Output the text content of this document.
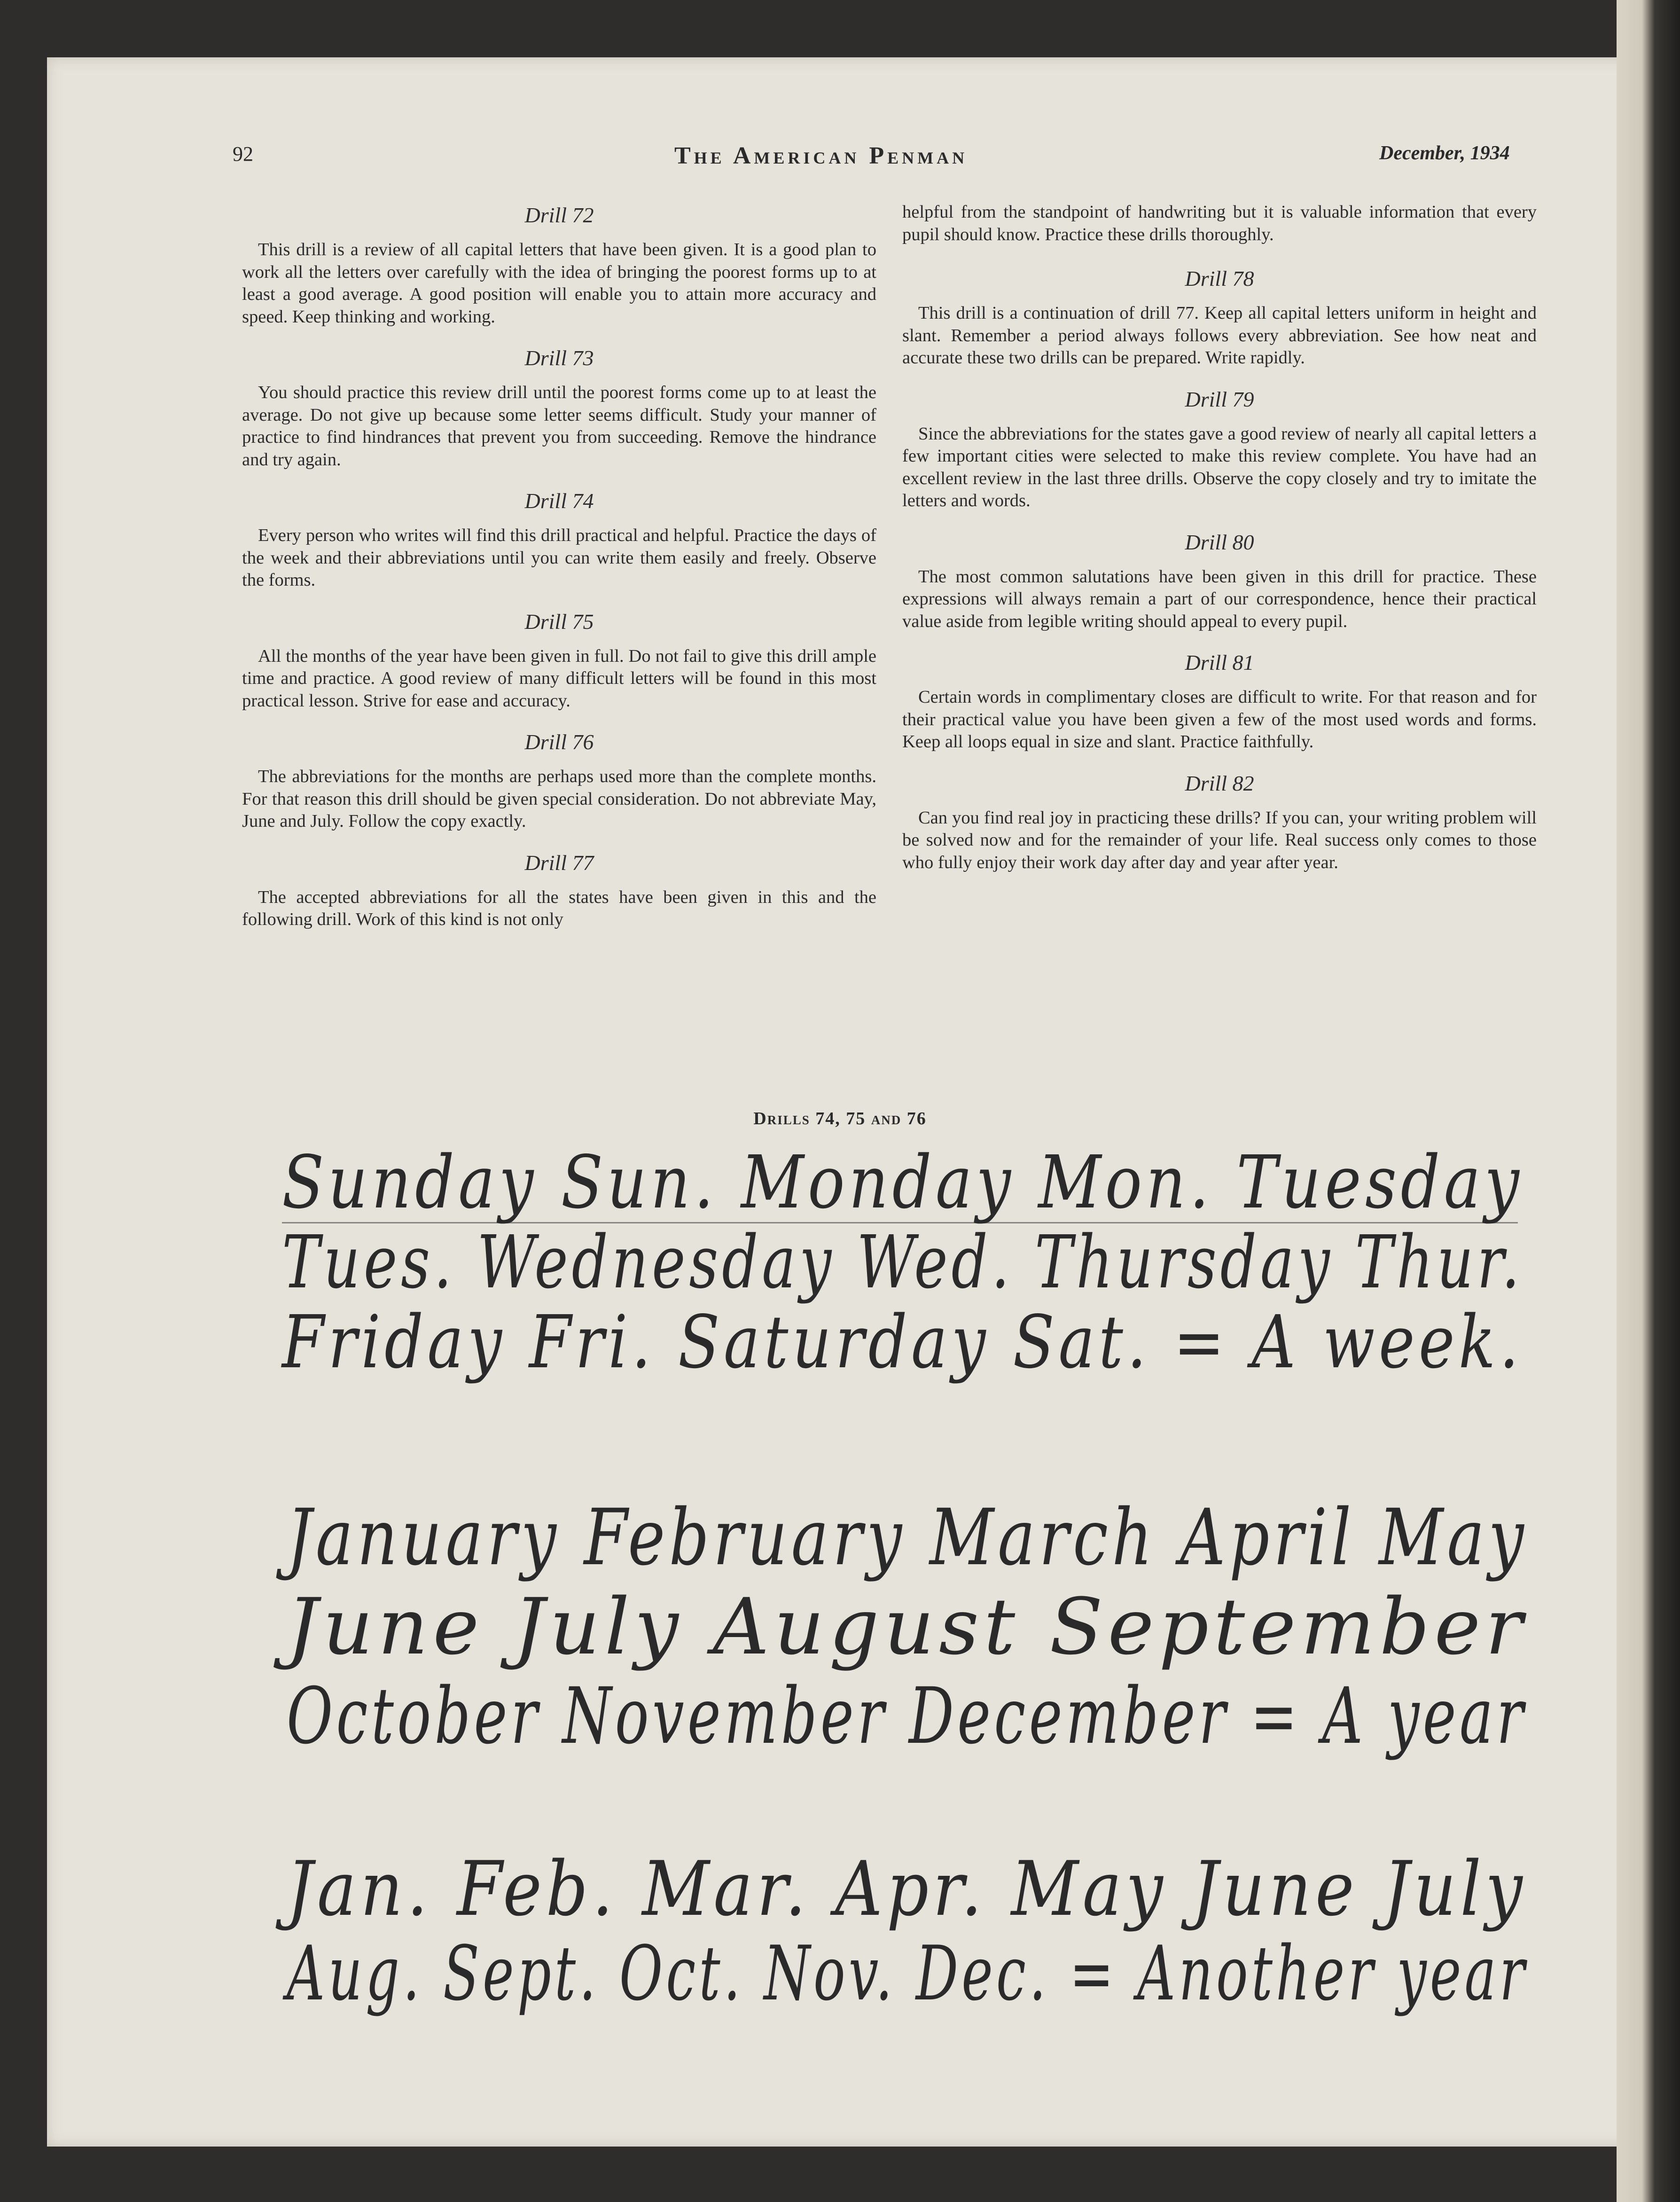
92	The American Penman	December, 1934
Drill 72
This drill is a review of all capital letters that have been given. It is a good plan to work all the letters over carefully with the idea of bringing the poorest forms up to at least a good average. A good position will enable you to attain more accuracy and speed. Keep thinking and working.
Drill 73
You should practice this review drill until the poorest forms come up to at least the average. Do not give up because some letter seems difficult. Study your manner of practice to find hindrances that prevent you from succeeding. Remove the hindrance and try again.
Drill 74
Every person who writes will find this drill practical and helpful. Practice the days of the week and their abbreviations until you can write them easily and freely. Observe the forms.
Drill 75
All the months of the year have been given in full. Do not fail to give this drill ample time and practice. A good review of many difficult letters will be found in this most practical lesson. Strive for ease and accuracy.
Drill 76
The abbreviations for the months are perhaps used more than the complete months. For that reason this drill should be given special consideration. Do not abbreviate May, June and July. Follow the copy exactly.
Drill 77
The accepted abbreviations for all the states have been given in this and the following drill. Work of this kind is not only
helpful from the standpoint of handwriting but it is valuable information that every pupil should know. Practice these drills thoroughly.
Drill 78
This drill is a continuation of drill 77. Keep all capital letters uniform in height and slant. Remember a period always follows every abbreviation. See how neat and accurate these two drills can be prepared. Write rapidly.
Drill 79
Since the abbreviations for the states gave a good review of nearly all capital letters a few important cities were selected to make this review complete. You have had an excellent review in the last three drills. Observe the copy closely and try to imitate the letters and words.
Drill 80
The most common salutations have been given in this drill for practice. These expressions will always remain a part of our correspondence, hence their practical value aside from legible writing should appeal to every pupil.
Drill 81
Certain words in complimentary closes are difficult to write. For that reason and for their practical value you have been given a few of the most used words and forms. Keep all loops equal in size and slant. Practice faithfully.
Drill 82
Can you find real joy in practicing these drills? If you can, your writing problem will be solved now and for the remainder of your life. Real success only comes to those who fully enjoy their work day after day and year after year.
Drills 74, 75 and 76
Sunday Sun. Monday Mon. Tuesday
Tues. Wednesday Wed. Thursday Thur.
Friday Fri. Saturday Sat. = A week.
January February March April May
June July August September
October November December = A year
Jan. Feb. Mar. Apr. May June July
Aug. Sept. Oct. Nov. Dec. = Another year
